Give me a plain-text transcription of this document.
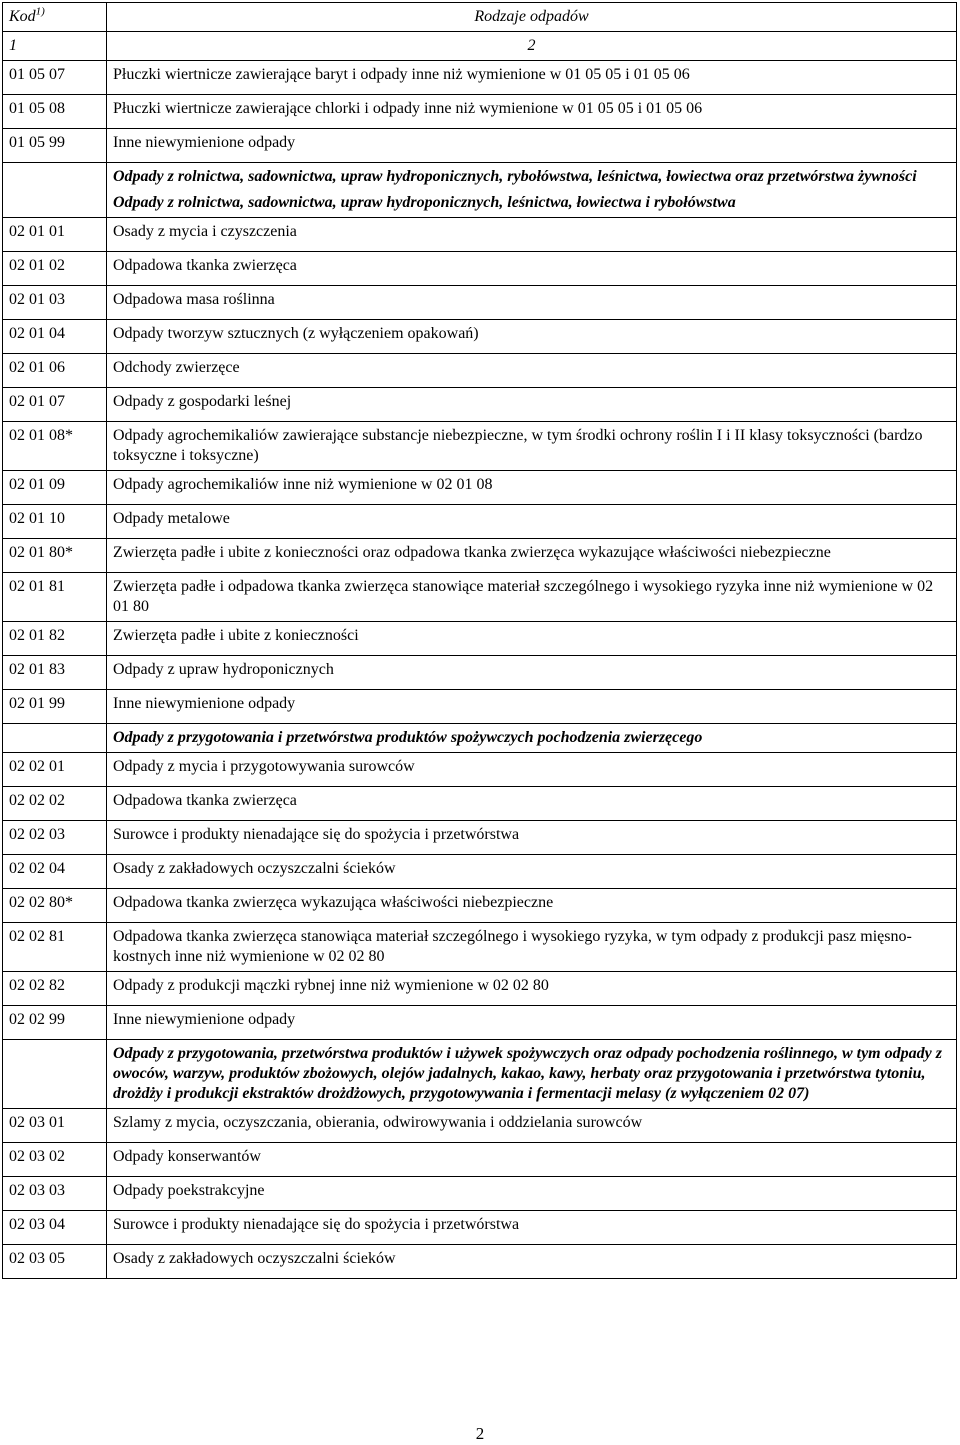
Kod$^{1)}$	Rodzaje odpadów
1	2
01 05 07	Płuczki wiertnicze zawierające baryt i odpady inne niż wymienione w 01 05 05 i 01 05 06
01 05 08	Płuczki wiertnicze zawierające chlorki i odpady inne niż wymienione w 01 05 05 i 01 05 06
01 05 99	Inne niewymienione odpady
	Odpady z rolnictwa, sadownictwa, upraw hydroponicznych, rybołówstwa, leśnictwa, łowiectwa oraz przetwórstwa żywności
	Odpady z rolnictwa, sadownictwa, upraw hydroponicznych, leśnictwa, łowiectwa i rybołówstwa
02 01 01	Osady z mycia i czyszczenia
02 01 02	Odpadowa tkanka zwierzęca
02 01 03	Odpadowa masa roślinna
02 01 04	Odpady tworzyw sztucznych (z wyłączeniem opakowań)
02 01 06	Odchody zwierzęce
02 01 07	Odpady z gospodarki leśnej
02 01 08*	Odpady agrochemikaliów zawierające substancje niebezpieczne, w tym środki ochrony roślin I i II klasy toksyczności (bardzo toksyczne i toksyczne)
02 01 09	Odpady agrochemikaliów inne niż wymienione w 02 01 08
02 01 10	Odpady metalowe
02 01 80*	Zwierzęta padłe i ubite z konieczności oraz odpadowa tkanka zwierzęca wykazujące właściwości niebezpieczne
02 01 81	Zwierzęta padłe i odpadowa tkanka zwierzęca stanowiące materiał szczególnego i wysokiego ryzyka inne niż wymienione w 02 01 80
02 01 82	Zwierzęta padłe i ubite z konieczności
02 01 83	Odpady z upraw hydroponicznych
02 01 99	Inne niewymienione odpady
	Odpady z przygotowania i przetwórstwa produktów spożywczych pochodzenia zwierzęcego
02 02 01	Odpady z mycia i przygotowywania surowców
02 02 02	Odpadowa tkanka zwierzęca
02 02 03	Surowce i produkty nienadające się do spożycia i przetwórstwa
02 02 04	Osady z zakładowych oczyszczalni ścieków
02 02 80*	Odpadowa tkanka zwierzęca wykazująca właściwości niebezpieczne
02 02 81	Odpadowa tkanka zwierzęca stanowiąca materiał szczególnego i wysokiego ryzyka, w tym odpady z produkcji pasz mięsno-kostnych inne niż wymienione w 02 02 80
02 02 82	Odpady z produkcji mączki rybnej inne niż wymienione w 02 02 80
02 02 99	Inne niewymienione odpady
	Odpady z przygotowania, przetwórstwa produktów i używek spożywczych oraz odpady pochodzenia roślinnego, w tym odpady z owoców, warzyw, produktów zbożowych, olejów jadalnych, kakao, kawy, herbaty oraz przygotowania i przetwórstwa tytoniu, drożdży i produkcji ekstraktów drożdżowych, przygotowywania i fermentacji melasy (z wyłączeniem 02 07)
02 03 01	Szlamy z mycia, oczyszczania, obierania, odwirowywania i oddzielania surowców
02 03 02	Odpady konserwantów
02 03 03	Odpady poekstrakcyjne
02 03 04	Surowce i produkty nienadające się do spożycia i przetwórstwa
02 03 05	Osady z zakładowych oczyszczalni ścieków
2
